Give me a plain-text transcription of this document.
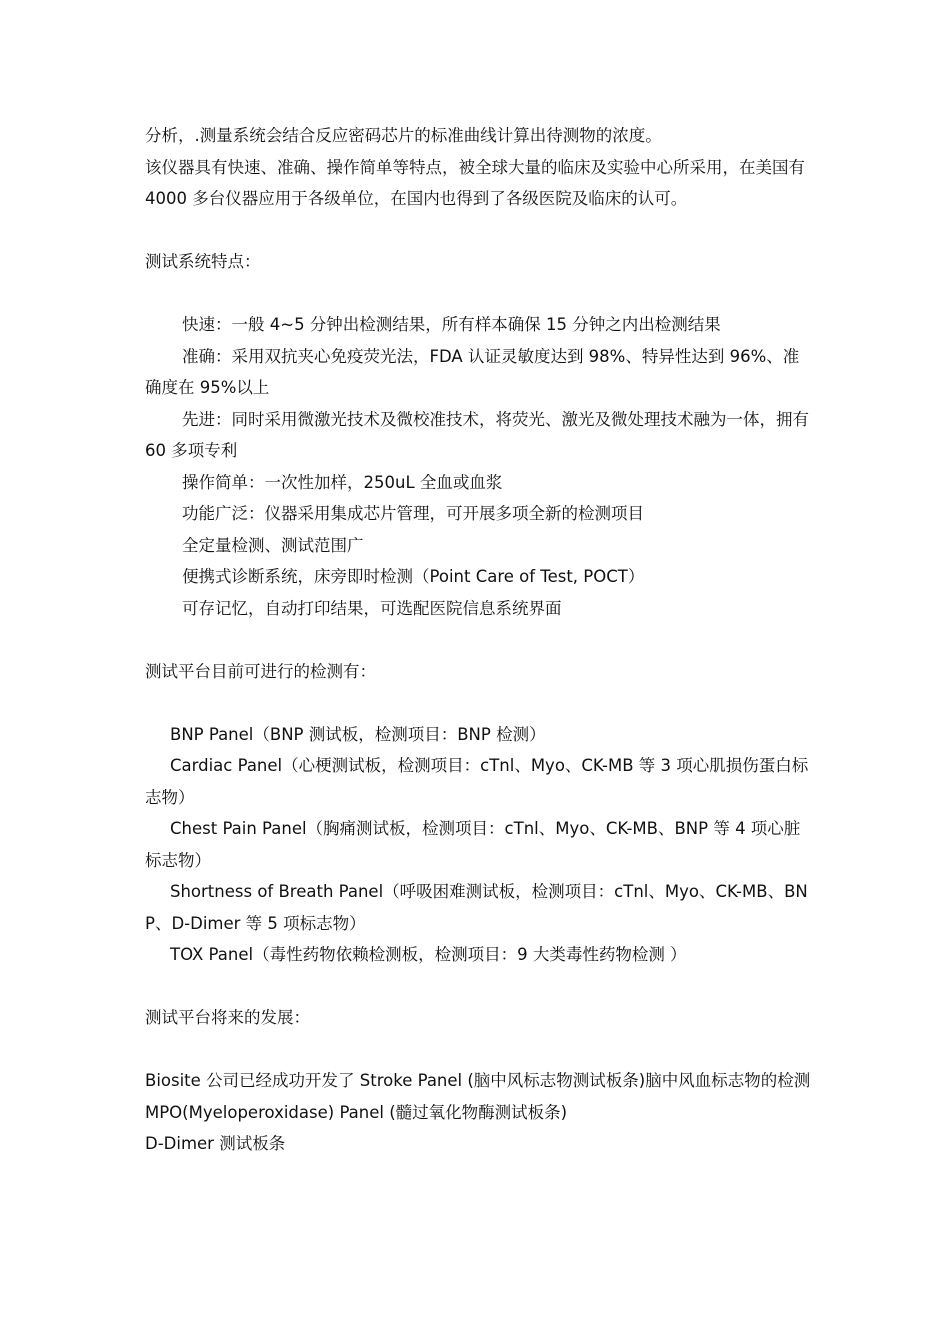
分析，.测量系统会结合反应密码芯片的标准曲线计算出待测物的浓度。

该仪器具有快速、准确、操作简单等特点，被全球大量的临床及实验中心所采用，在美国有 4000 多台仪器应用于各级单位，在国内也得到了各级医院及临床的认可。

测试系统特点：

快速：一般 4~5 分钟出检测结果，所有样本确保 15 分钟之内出检测结果

准确：采用双抗夹心免疫荧光法，FDA 认证灵敏度达到 98%、特异性达到 96%、准确度在 95%以上

先进：同时采用微激光技术及微校准技术，将荧光、激光及微处理技术融为一体，拥有 60 多项专利

操作简单：一次性加样，250uL 全血或血浆

功能广泛：仪器采用集成芯片管理，可开展多项全新的检测项目

全定量检测、测试范围广

便携式诊断系统，床旁即时检测（Point Care of Test, POCT）

可存记忆，自动打印结果，可选配医院信息系统界面

测试平台目前可进行的检测有：

BNP Panel（BNP 测试板，检测项目：BNP 检测）

Cardiac Panel（心梗测试板，检测项目：cTnl、Myo、CK-MB 等 3 项心肌损伤蛋白标志物）

Chest Pain Panel（胸痛测试板，检测项目：cTnl、Myo、CK-MB、BNP 等 4 项心脏标志物）

Shortness of Breath Panel（呼吸困难测试板，检测项目：cTnl、Myo、CK-MB、BNP、D-Dimer 等 5 项标志物）

TOX Panel（毒性药物依赖检测板，检测项目：9 大类毒性药物检测 ）

测试平台将来的发展：

Biosite 公司已经成功开发了 Stroke Panel (脑中风标志物测试板条)脑中风血标志物的检测

MPO(Myeloperoxidase) Panel (髓过氧化物酶测试板条)

D-Dimer 测试板条
